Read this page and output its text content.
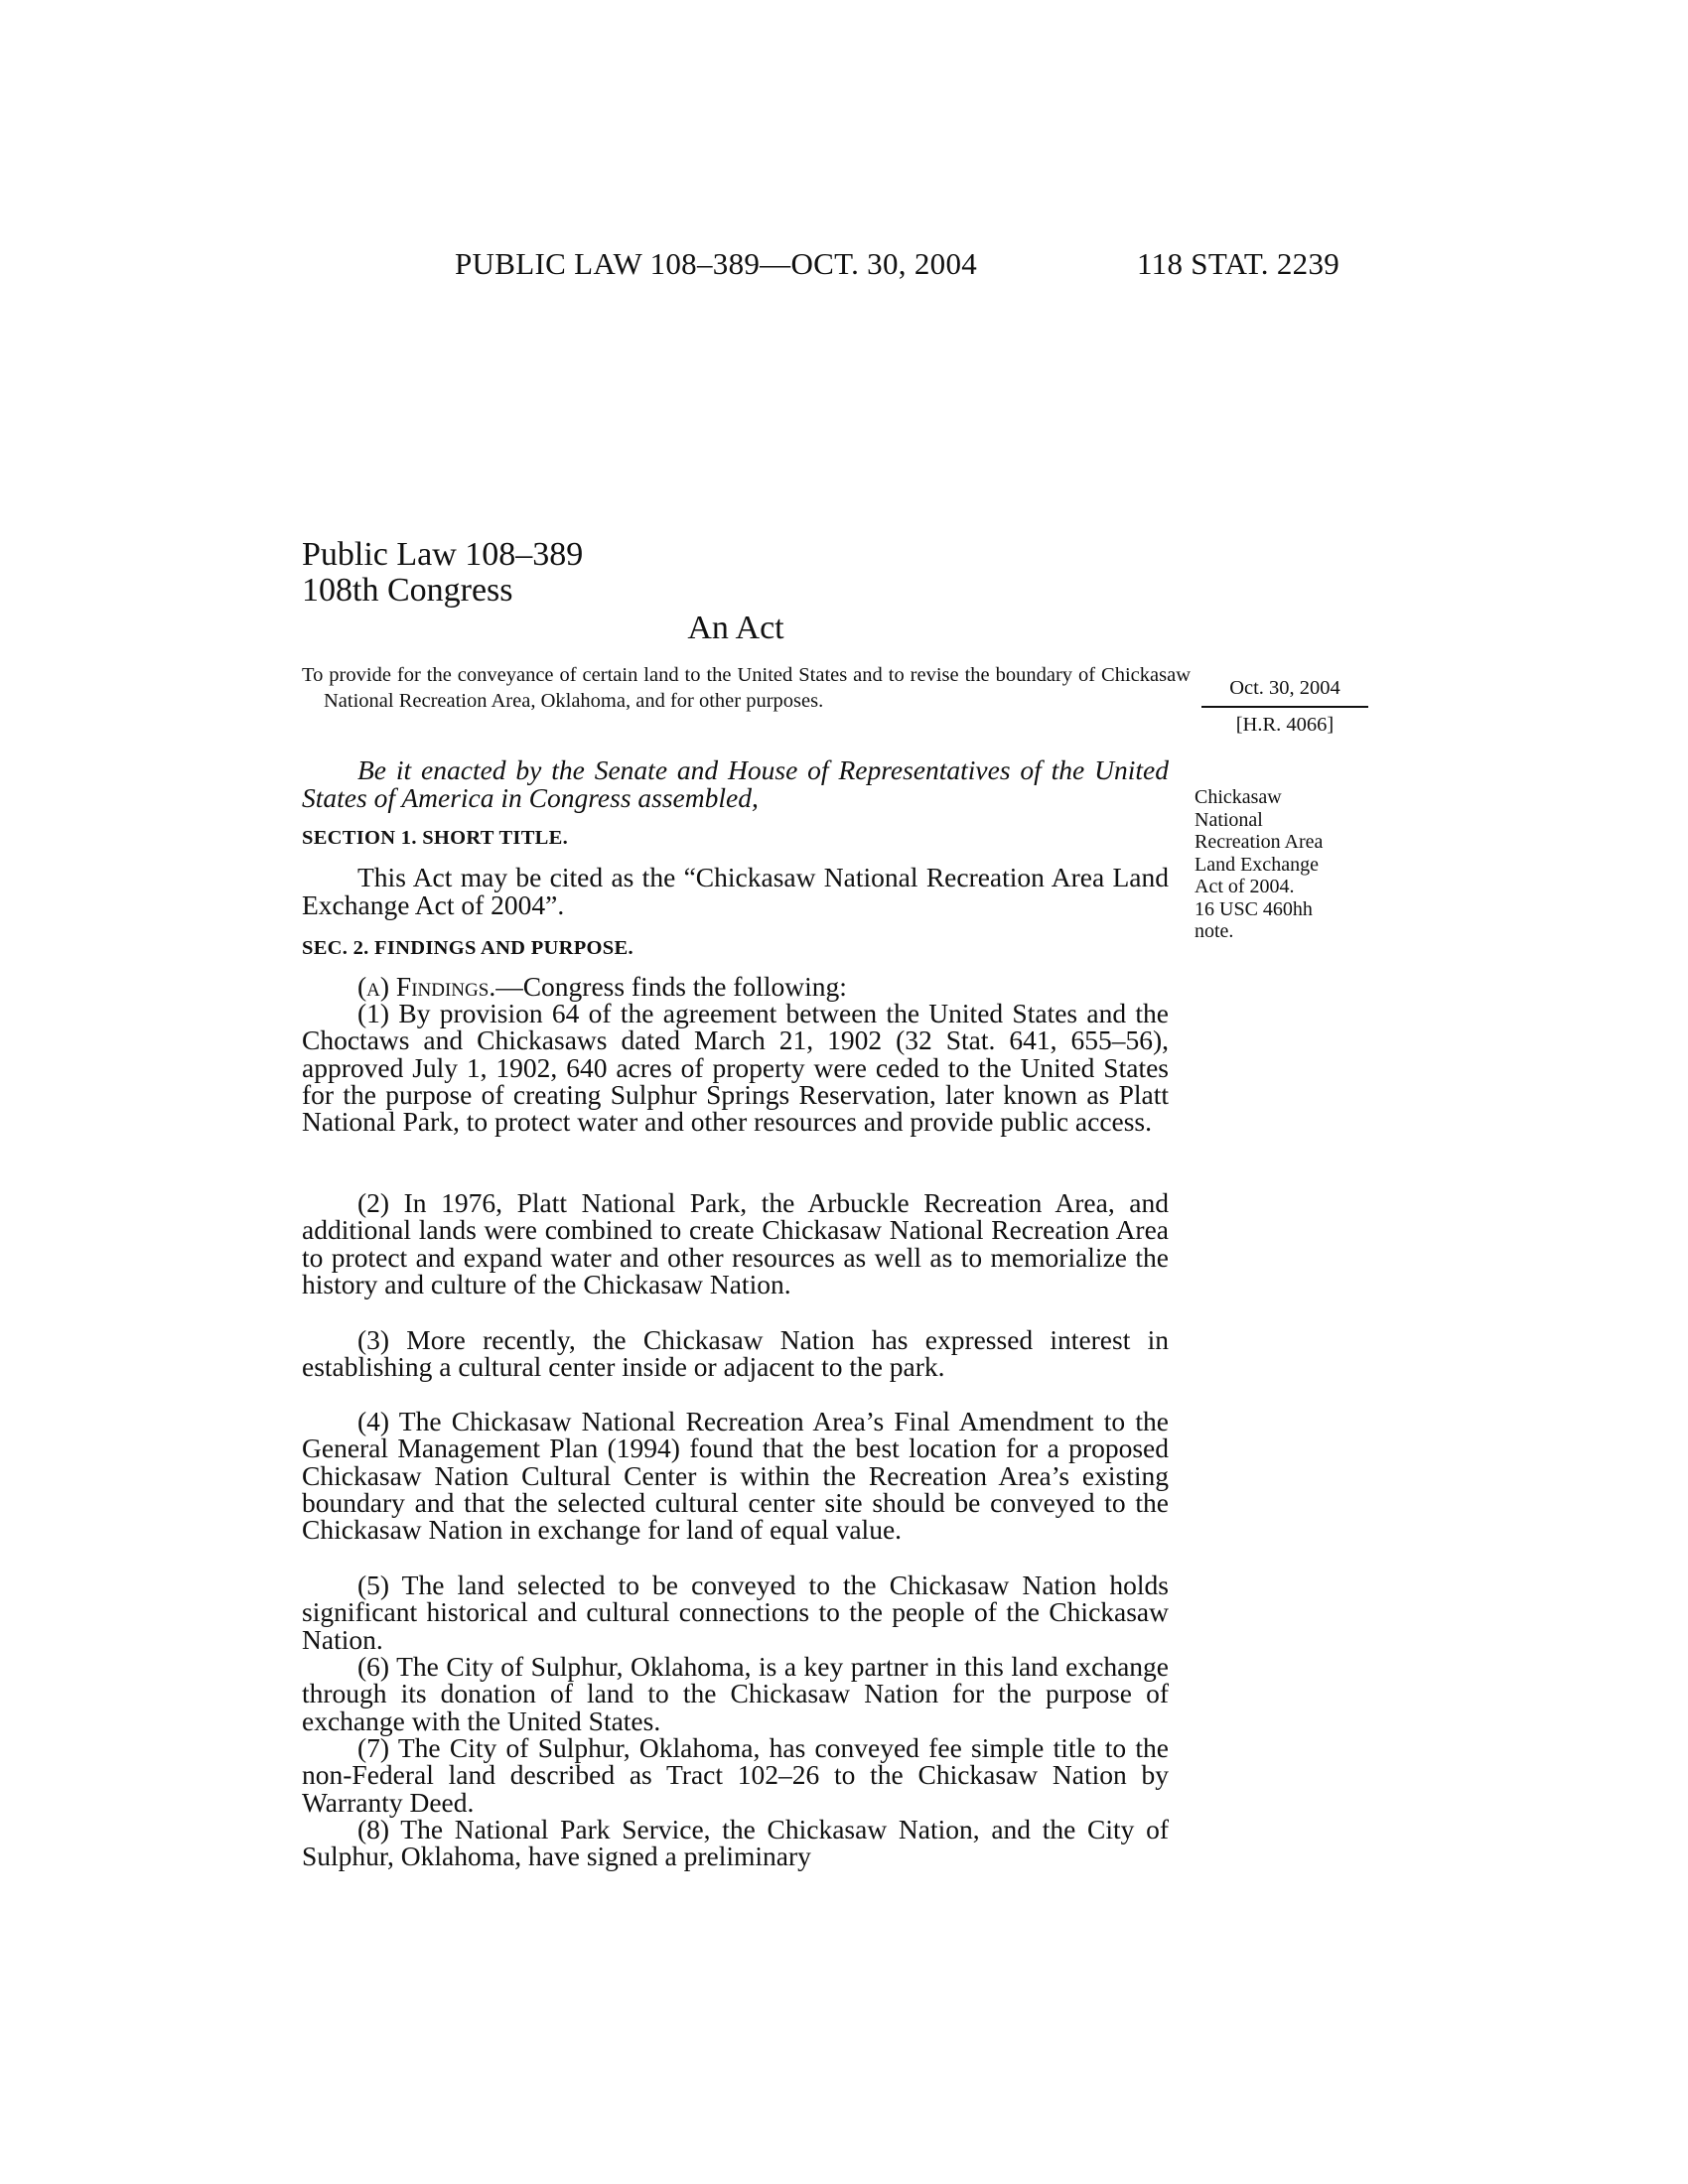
PUBLIC LAW 108–389—OCT. 30, 2004	118 STAT. 2239
Public Law 108–389
108th Congress
An Act
To provide for the conveyance of certain land to the United States and to revise the boundary of Chickasaw National Recreation Area, Oklahoma, and for other purposes.
Oct. 30, 2004
[H.R. 4066]
Chickasaw
National
Recreation Area
Land Exchange
Act of 2004.
16 USC 460hh
note.
Be it enacted by the Senate and House of Representatives of the United States of America in Congress assembled,
SECTION 1. SHORT TITLE.
This Act may be cited as the “Chickasaw National Recreation Area Land Exchange Act of 2004”.
SEC. 2. FINDINGS AND PURPOSE.
(a) Findings.—Congress finds the following:
(1) By provision 64 of the agreement between the United States and the Choctaws and Chickasaws dated March 21, 1902 (32 Stat. 641, 655–56), approved July 1, 1902, 640 acres of property were ceded to the United States for the purpose of creating Sulphur Springs Reservation, later known as Platt National Park, to protect water and other resources and provide public access.
(2) In 1976, Platt National Park, the Arbuckle Recreation Area, and additional lands were combined to create Chickasaw National Recreation Area to protect and expand water and other resources as well as to memorialize the history and culture of the Chickasaw Nation.
(3) More recently, the Chickasaw Nation has expressed interest in establishing a cultural center inside or adjacent to the park.
(4) The Chickasaw National Recreation Area’s Final Amendment to the General Management Plan (1994) found that the best location for a proposed Chickasaw Nation Cultural Center is within the Recreation Area’s existing boundary and that the selected cultural center site should be conveyed to the Chickasaw Nation in exchange for land of equal value.
(5) The land selected to be conveyed to the Chickasaw Nation holds significant historical and cultural connections to the people of the Chickasaw Nation.
(6) The City of Sulphur, Oklahoma, is a key partner in this land exchange through its donation of land to the Chickasaw Nation for the purpose of exchange with the United States.
(7) The City of Sulphur, Oklahoma, has conveyed fee simple title to the non-Federal land described as Tract 102–26 to the Chickasaw Nation by Warranty Deed.
(8) The National Park Service, the Chickasaw Nation, and the City of Sulphur, Oklahoma, have signed a preliminary
